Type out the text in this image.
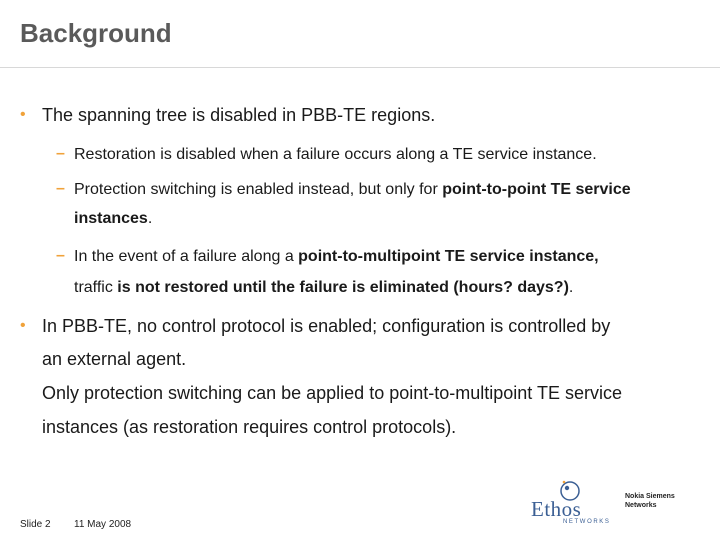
Background
• The spanning tree is disabled in PBB-TE regions.
– Restoration is disabled when a failure occurs along a TE service instance.
– Protection switching is enabled instead, but only for point-to-point TE service
instances.
– In the event of a failure along a point-to-multipoint TE service instance,
traffic is not restored until the failure is eliminated (hours? days?).
• In PBB-TE, no control protocol is enabled; configuration is controlled by
an external agent.
Only protection switching can be applied to point-to-multipoint TE service
instances (as restoration requires control protocols).
Slide 2 11 May 2008
Ethos
NETWORKS
Nokia Siemens
Networks
